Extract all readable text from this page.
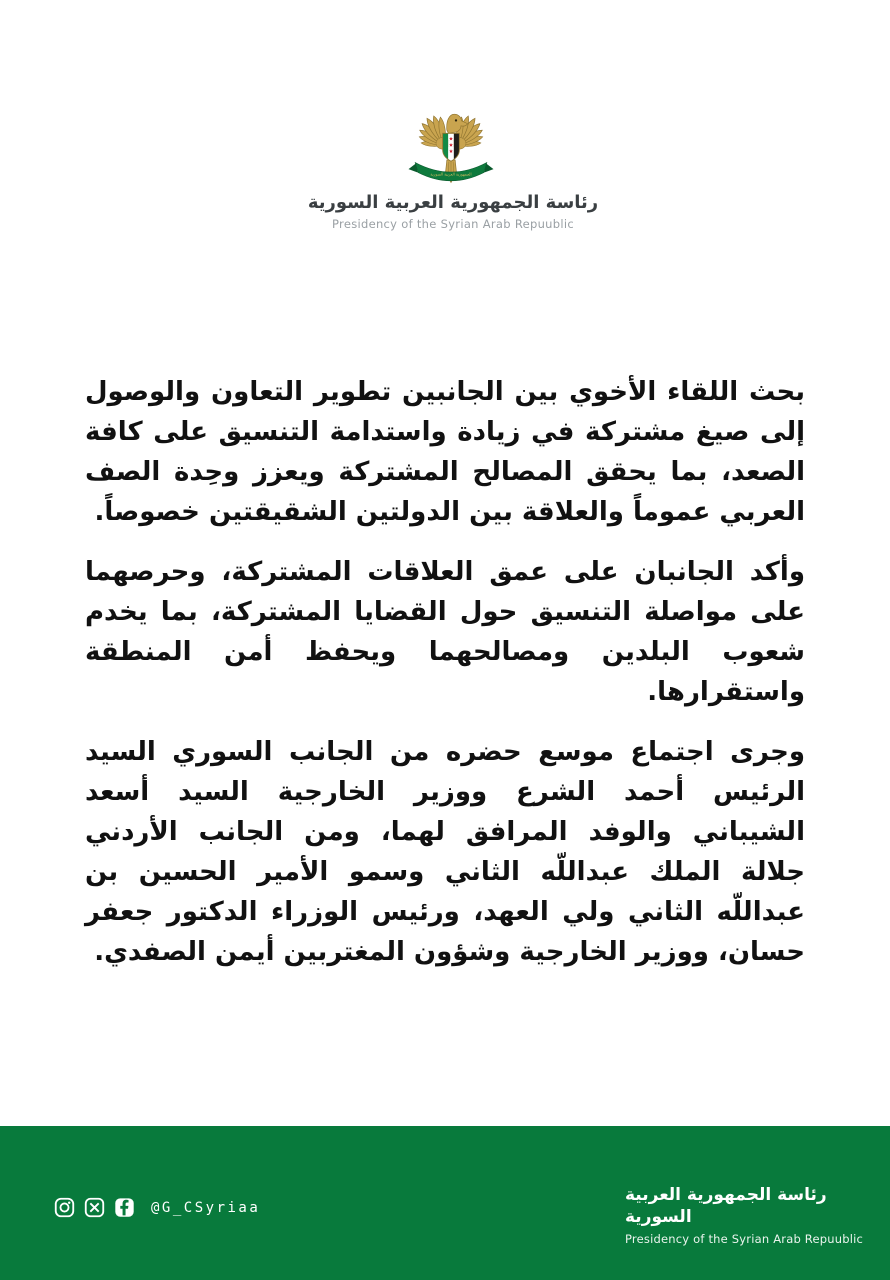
الجمهورية العربية السورية
رئاسة الجمهورية العربية السورية
Presidency of the Syrian Arab Repuublic

بحث اللقاء الأخوي بين الجانبين تطوير التعاون والوصول إلى صيغ مشتركة في زيادة واستدامة التنسيق على كافة الصعد، بما يحقق المصالح المشتركة ويعزز وحِدة الصف العربي عموماً والعلاقة بين الدولتين الشقيقتين خصوصاً.

وأكد الجانبان على عمق العلاقات المشتركة، وحرصهما على مواصلة التنسيق حول القضايا المشتركة، بما يخدم شعوب البلدين ومصالحهما ويحفظ أمن المنطقة واستقرارها.

وجرى اجتماع موسع حضره من الجانب السوري السيد الرئيس أحمد الشرع ووزير الخارجية السيد أسعد الشيباني والوفد المرافق لهما، ومن الجانب الأردني جلالة الملك عبداللّه الثاني وسمو الأمير الحسين بن عبداللّه الثاني ولي العهد، ورئيس الوزراء الدكتور جعفر حسان، ووزير الخارجية وشؤون المغتربين أيمن الصفدي.

@G_CSyriaa
رئاسة الجمهورية العربية السورية
Presidency of the Syrian Arab Repuublic
